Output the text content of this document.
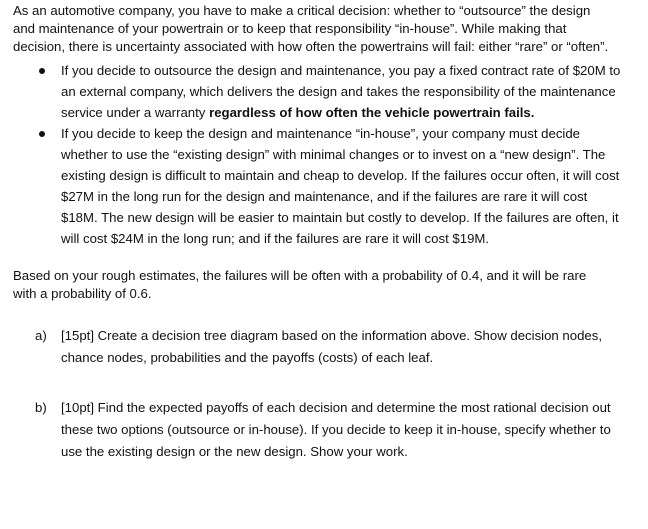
As an automotive company, you have to make a critical decision: whether to “outsource” the design and maintenance of your powertrain or to keep that responsibility “in-house”. While making that decision, there is uncertainty associated with how often the powertrains will fail: either “rare” or “often”.

If you decide to outsource the design and maintenance, you pay a fixed contract rate of $20M to an external company, which delivers the design and takes the responsibility of the maintenance service under a warranty regardless of how often the vehicle powertrain fails.
If you decide to keep the design and maintenance “in-house”, your company must decide whether to use the “existing design” with minimal changes or to invest on a “new design”. The existing design is difficult to maintain and cheap to develop. If the failures occur often, it will cost $27M in the long run for the design and maintenance, and if the failures are rare it will cost $18M. The new design will be easier to maintain but costly to develop. If the failures are often, it will cost $24M in the long run; and if the failures are rare it will cost $19M.

Based on your rough estimates, the failures will be often with a probability of 0.4, and it will be rare with a probability of 0.6.

a) [15pt] Create a decision tree diagram based on the information above. Show decision nodes, chance nodes, probabilities and the payoffs (costs) of each leaf.
b) [10pt] Find the expected payoffs of each decision and determine the most rational decision out these two options (outsource or in-house). If you decide to keep it in-house, specify whether to use the existing design or the new design. Show your work.
